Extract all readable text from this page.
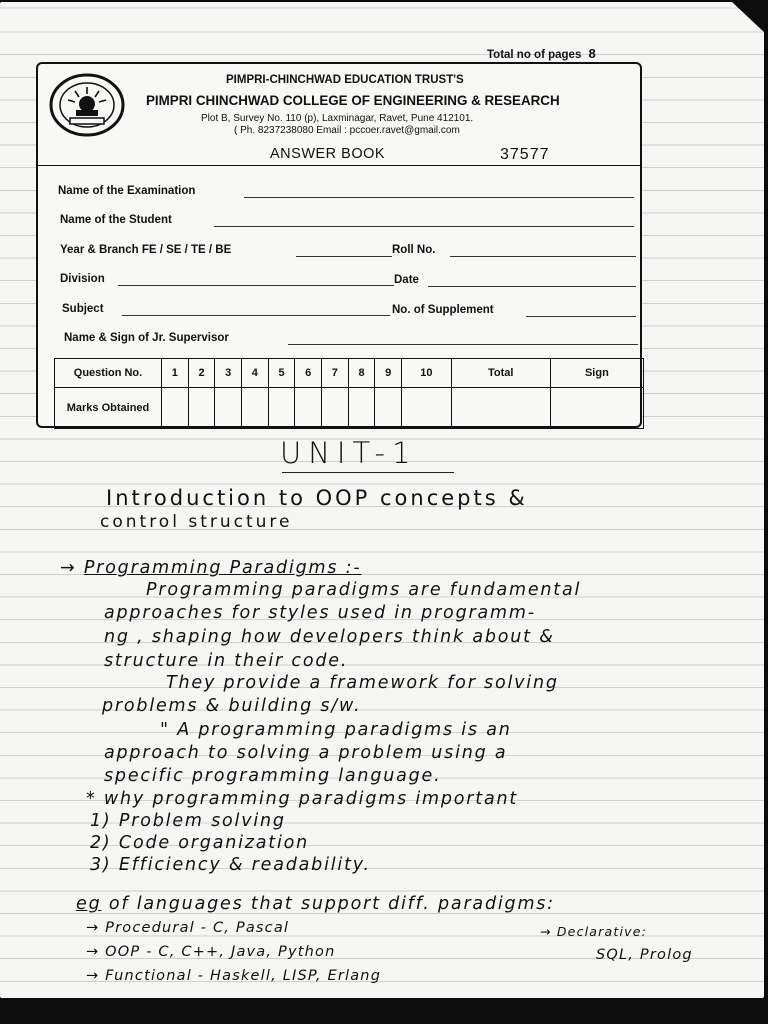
Total no of pages 8
PIMPRI-CHINCHWAD EDUCATION TRUST'S
PIMPRI CHINCHWAD COLLEGE OF ENGINEERING & RESEARCH
Plot B, Survey No. 110 (p), Laxminagar, Ravet, Pune 412101.
( Ph. 8237238080 Email : pccoer.ravet@gmail.com
ANSWER BOOK	37577
Name of the Examination
Name of the Student
Year & Branch FE / SE / TE / BE	Roll No.
Division	Date
Subject	No. of Supplement
Name & Sign of Jr. Supervisor
Question No.	1	2	3	4	5	6	7	8	9	10	Total	Sign
Marks Obtained												
UNIT-1
Introduction to OOP concepts &
control structure
→ Programming Paradigms :-
Programming paradigms are fundamental
approaches for styles used in programm-
ng , shaping how developers think about &
structure in their code.
They provide a framework for solving
problems & building s/w.
" A programming paradigms is an
approach to solving a problem using a
specific programming language.
* why programming paradigms important
1) Problem solving
2) Code organization
3) Efficiency & readability.
eg of languages that support diff. paradigms:
→ Procedural - C, Pascal	→ Declarative:
→ OOP - C, C++, Java, Python	SQL, Prolog
→ Functional - Haskell, LISP, Erlang
